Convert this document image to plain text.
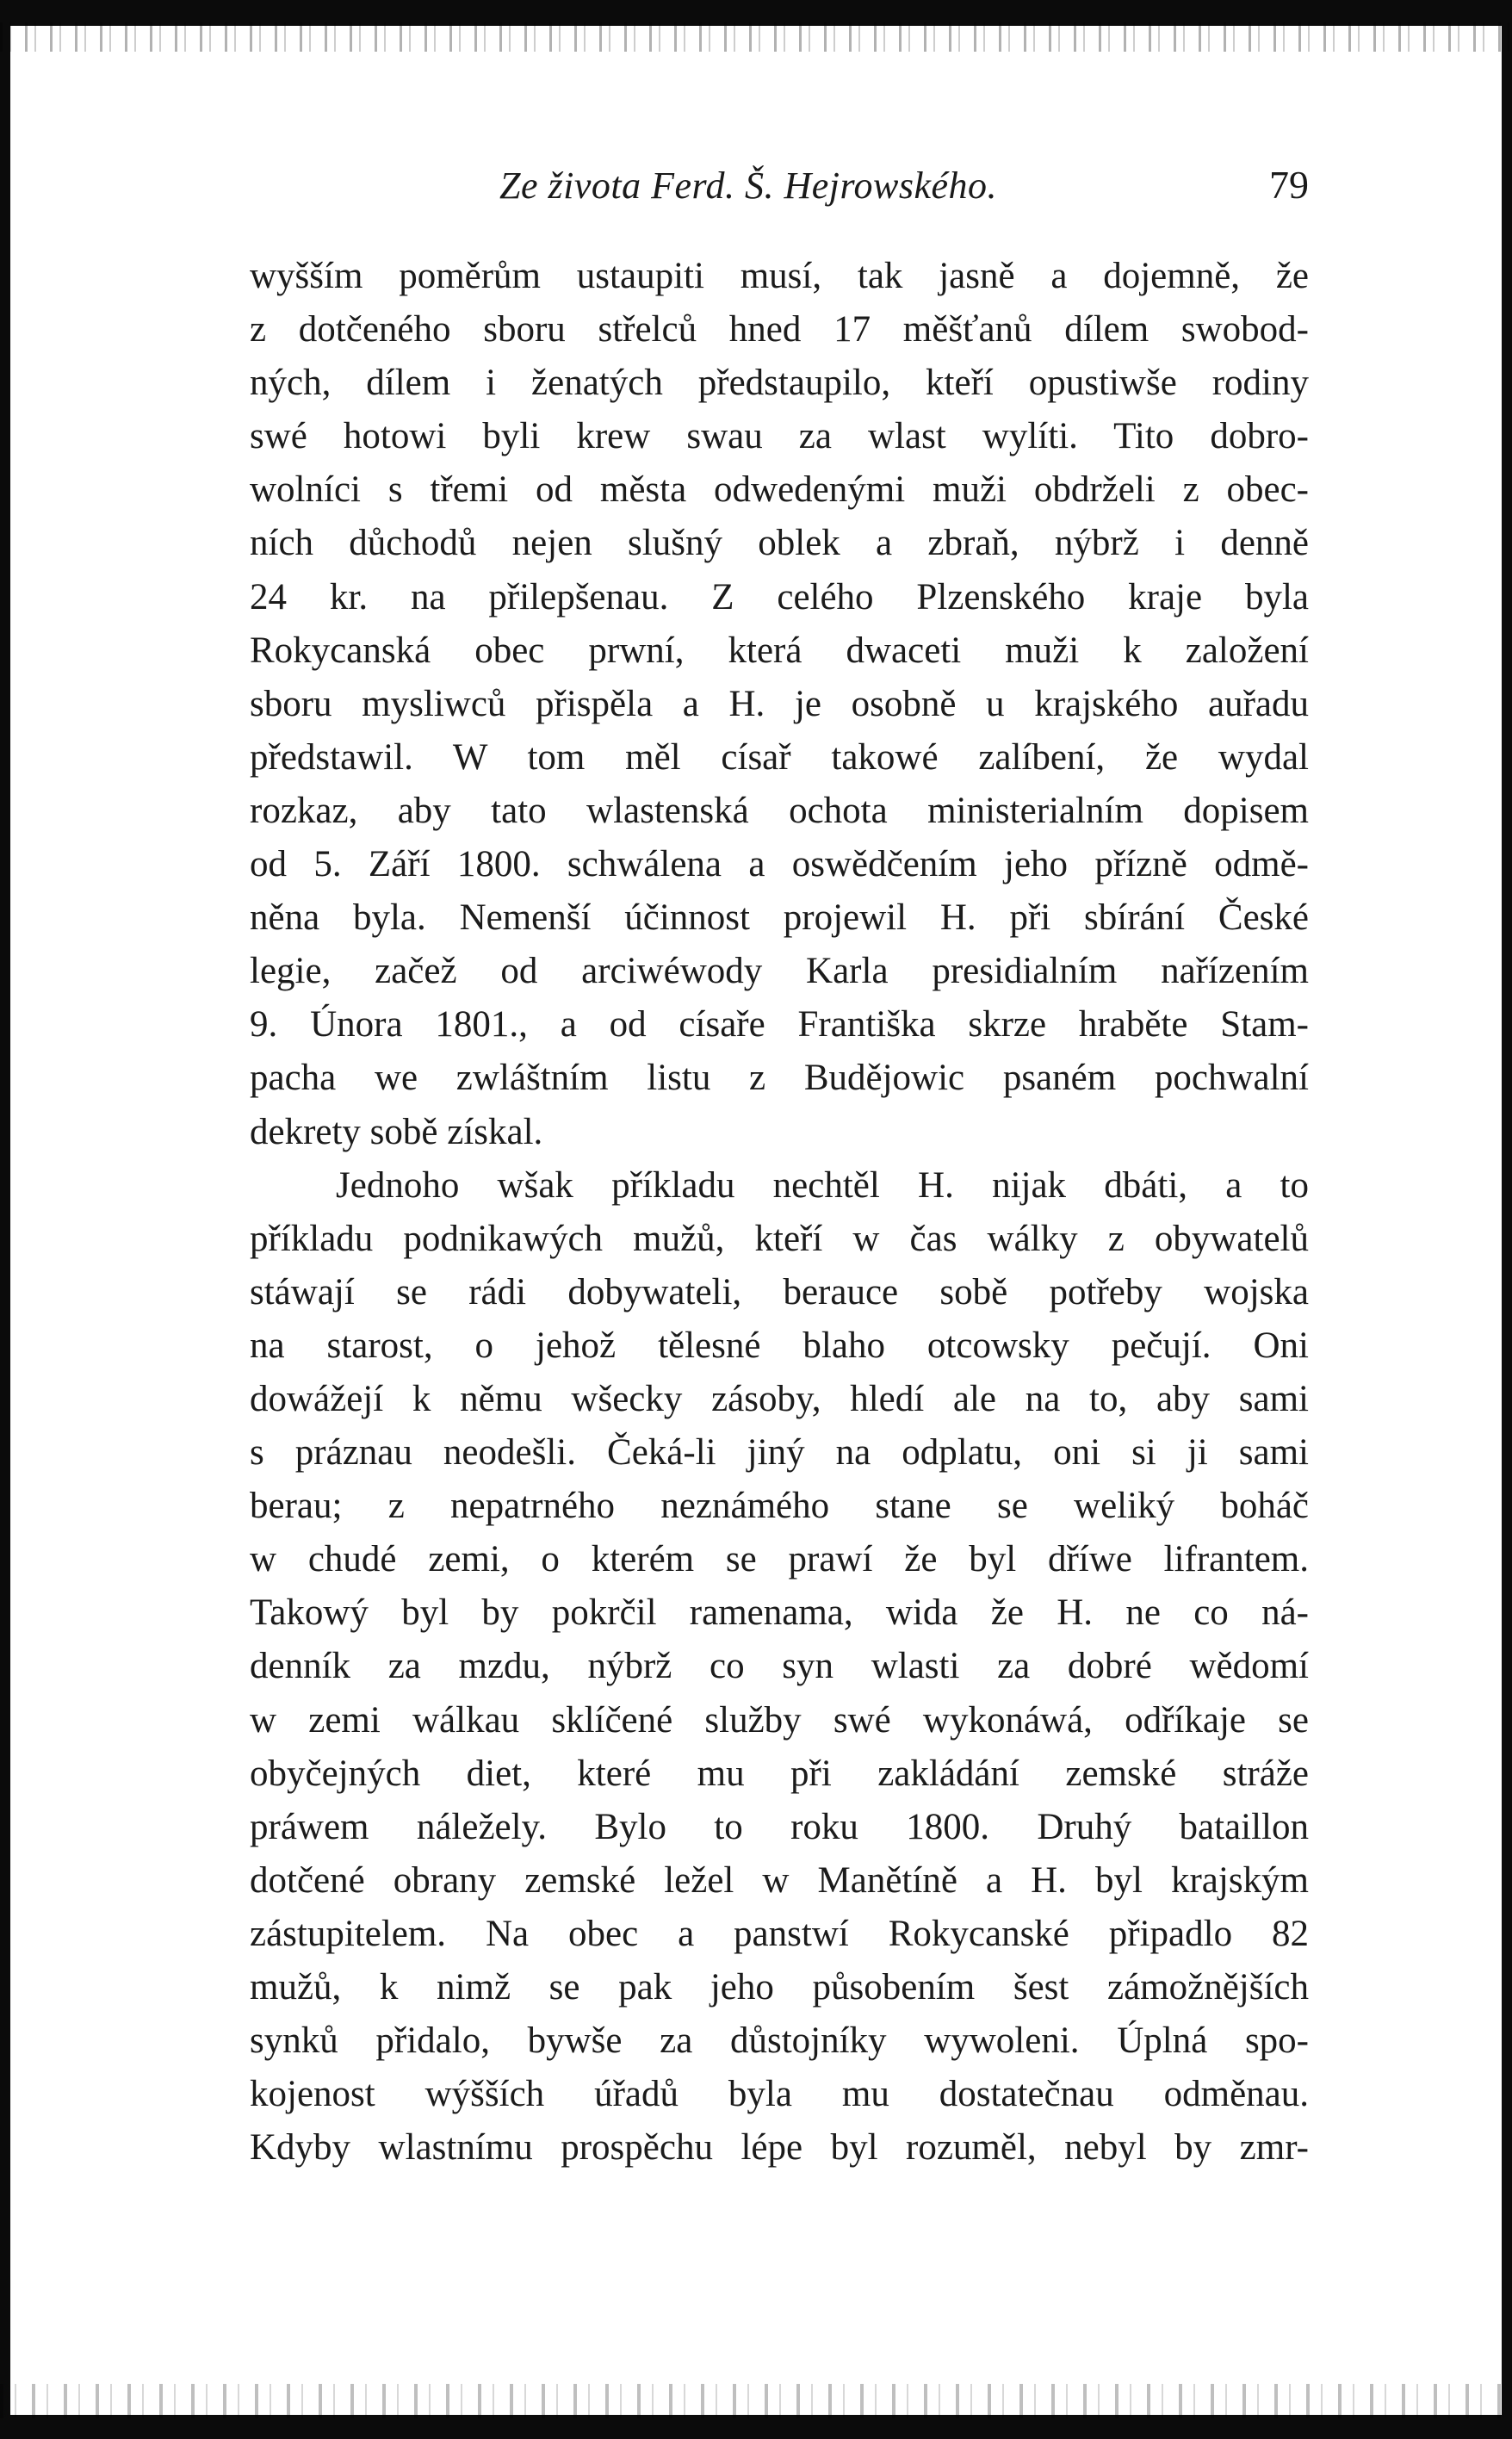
Ze života Ferd. Š. Hejrowského.	79
wyšším poměrům ustaupiti musí, tak jasně a dojemně, že
z dotčeného sboru střelců hned 17 měšťanů dílem swobod-
ných, dílem i ženatých předstaupilo, kteří opustiwše rodiny
swé hotowi byli krew swau za wlast wylíti. Tito dobro-
wolníci s třemi od města odwedenými muži obdrželi z obec-
ních důchodů nejen slušný oblek a zbraň, nýbrž i denně
24 kr. na přilepšenau. Z celého Plzenského kraje byla
Rokycanská obec prwní, která dwaceti muži k založení
sboru mysliwců přispěla a H. je osobně u krajského auřadu
předstawil. W tom měl císař takowé zalíbení, že wydal
rozkaz, aby tato wlastenská ochota ministerialním dopisem
od 5. Září 1800. schwálena a oswědčením jeho přízně odmě-
něna byla. Nemenší účinnost projewil H. při sbírání České
legie, začež od arciwéwody Karla presidialním nařízením
9. Února 1801., a od císaře Františka skrze hraběte Stam-
pacha we zwláštním listu z Budějowic psaném pochwalní
dekrety sobě získal.
Jednoho wšak příkladu nechtěl H. nijak dbáti, a to
příkladu podnikawých mužů, kteří w čas wálky z obywatelů
stáwají se rádi dobywateli, berauce sobě potřeby wojska
na starost, o jehož tělesné blaho otcowsky pečují. Oni
dowážejí k němu wšecky zásoby, hledí ale na to, aby sami
s práznau neodešli. Čeká-li jiný na odplatu, oni si ji sami
berau; z nepatrného neznámého stane se weliký boháč
w chudé zemi, o kterém se prawí že byl dříwe lifrantem.
Takowý byl by pokrčil ramenama, wida že H. ne co ná-
denník za mzdu, nýbrž co syn wlasti za dobré wědomí
w zemi wálkau sklíčené služby swé wykonáwá, odříkaje se
obyčejných diet, které mu při zakládání zemské stráže
práwem náležely. Bylo to roku 1800. Druhý bataillon
dotčené obrany zemské ležel w Manětíně a H. byl krajským
zástupitelem. Na obec a panstwí Rokycanské připadlo 82
mužů, k nimž se pak jeho působením šest zámožnějších
synků přidalo, bywše za důstojníky wywoleni. Úplná spo-
kojenost wýšších úřadů byla mu dostatečnau odměnau.
Kdyby wlastnímu prospěchu lépe byl rozuměl, nebyl by zmr-
